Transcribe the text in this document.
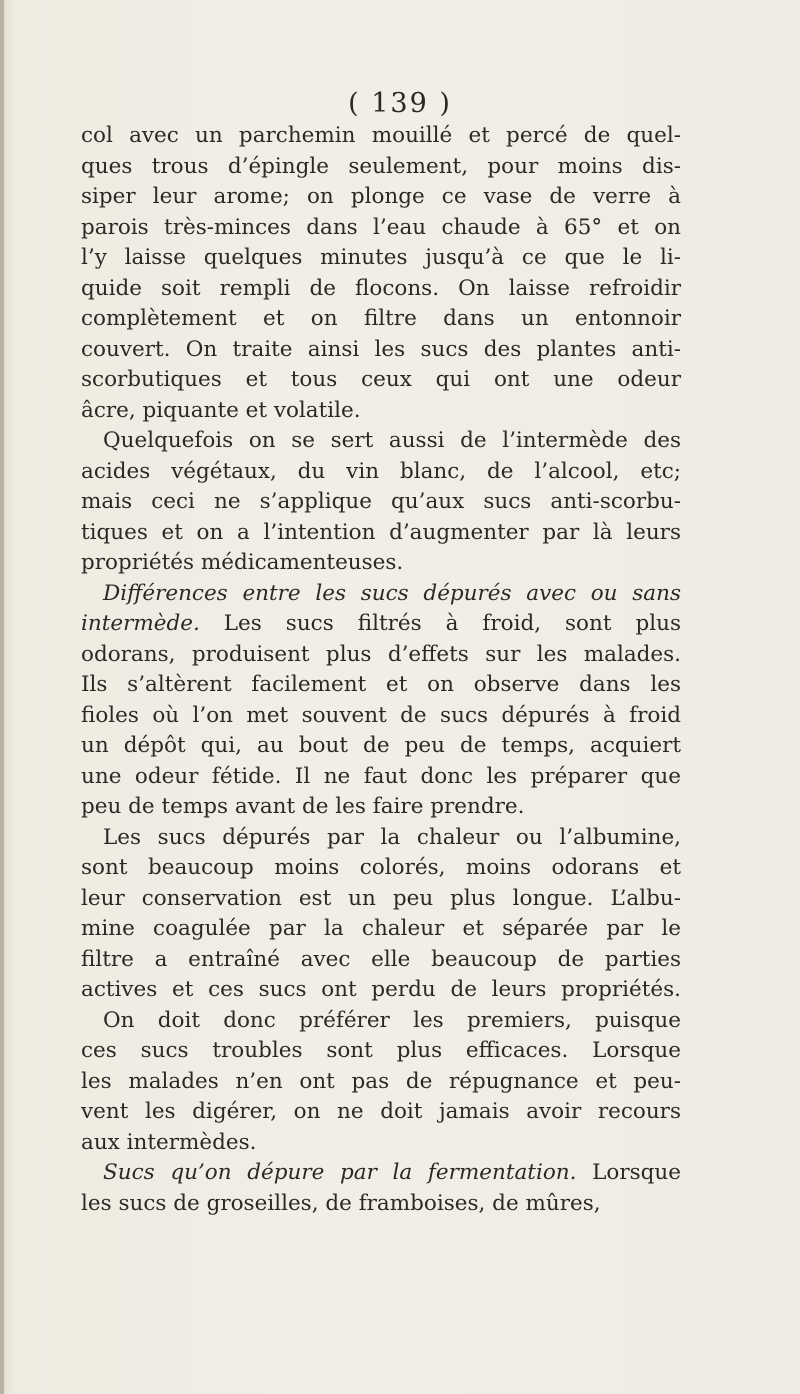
( 139 )
col avec un parchemin mouillé et percé de quel-
ques trous d’épingle seulement, pour moins dis-
siper leur arome; on plonge ce vase de verre à
parois très-minces dans l’eau chaude à 65° et on
l’y laisse quelques minutes jusqu’à ce que le li-
quide soit rempli de flocons. On laisse refroidir
complètement et on filtre dans un entonnoir
couvert. On traite ainsi les sucs des plantes anti-
scorbutiques et tous ceux qui ont une odeur
âcre, piquante et volatile.
Quelquefois on se sert aussi de l’intermède des
acides végétaux, du vin blanc, de l’alcool, etc;
mais ceci ne s’applique qu’aux sucs anti-scorbu-
tiques et on a l’intention d’augmenter par là leurs
propriétés médicamenteuses.
Différences entre les sucs dépurés avec ou sans
intermède. Les sucs filtrés à froid, sont plus
odorans, produisent plus d’effets sur les malades.
Ils s’altèrent facilement et on observe dans les
fioles où l’on met souvent de sucs dépurés à froid
un dépôt qui, au bout de peu de temps, acquiert
une odeur fétide. Il ne faut donc les préparer que
peu de temps avant de les faire prendre.
Les sucs dépurés par la chaleur ou l’albumine,
sont beaucoup moins colorés, moins odorans et
leur conservation est un peu plus longue. L’albu-
mine coagulée par la chaleur et séparée par le
filtre a entraîné avec elle beaucoup de parties
actives et ces sucs ont perdu de leurs propriétés.
On doit donc préférer les premiers, puisque
ces sucs troubles sont plus efficaces. Lorsque
les malades n’en ont pas de répugnance et peu-
vent les digérer, on ne doit jamais avoir recours
aux intermèdes.
Sucs qu’on dépure par la fermentation. Lorsque
les sucs de groseilles, de framboises, de mûres,
